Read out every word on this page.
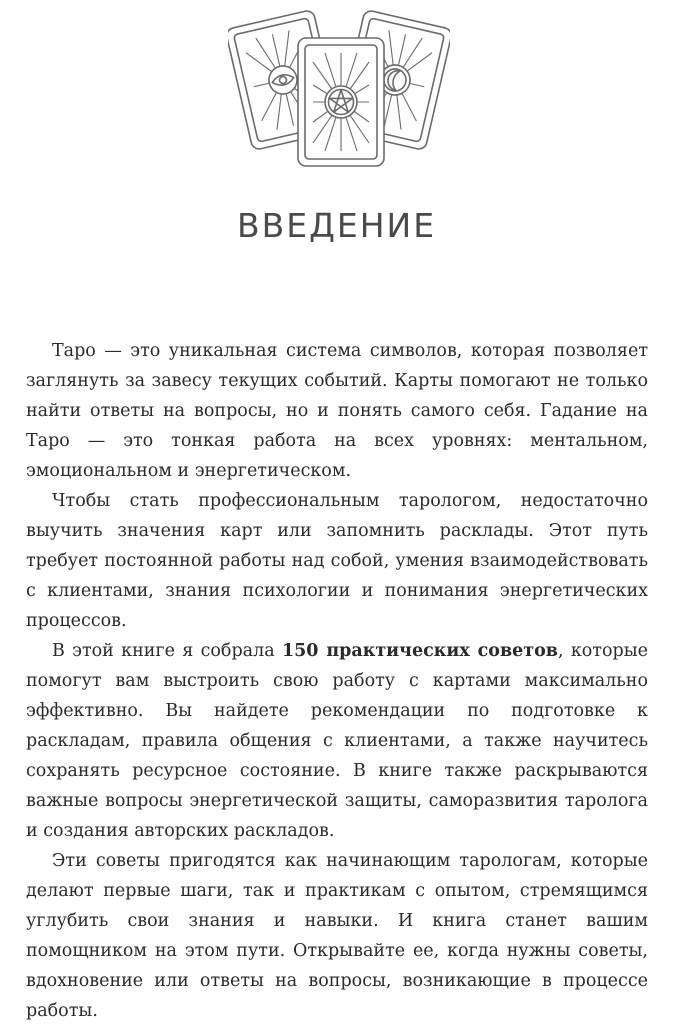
ВВЕДЕНИЕ

Таро — это уникальная система символов, которая позволяет заглянуть за завесу текущих событий. Карты помогают не только найти ответы на вопросы, но и понять самого себя. Гадание на Таро — это тонкая работа на всех уровнях: ментальном, эмоциональном и энергетическом.

Чтобы стать профессиональным тарологом, недостаточно выучить значения карт или запомнить расклады. Этот путь требует постоянной работы над собой, умения взаимодействовать с клиентами, знания психологии и понимания энергетических процессов.

В этой книге я собрала 150 практических советов, которые помогут вам выстроить свою работу с картами максимально эффективно. Вы найдете рекомендации по подготовке к раскладам, правила общения с клиентами, а также научитесь сохранять ресурсное состояние. В книге также раскрываются важные вопросы энергетической защиты, саморазвития таролога и создания авторских раскладов.

Эти советы пригодятся как начинающим тарологам, которые делают первые шаги, так и практикам с опытом, стремящимся углубить свои знания и навыки. И книга станет вашим помощником на этом пути. Открывайте ее, когда нужны советы, вдохновение или ответы на вопросы, возникающие в процессе работы.
